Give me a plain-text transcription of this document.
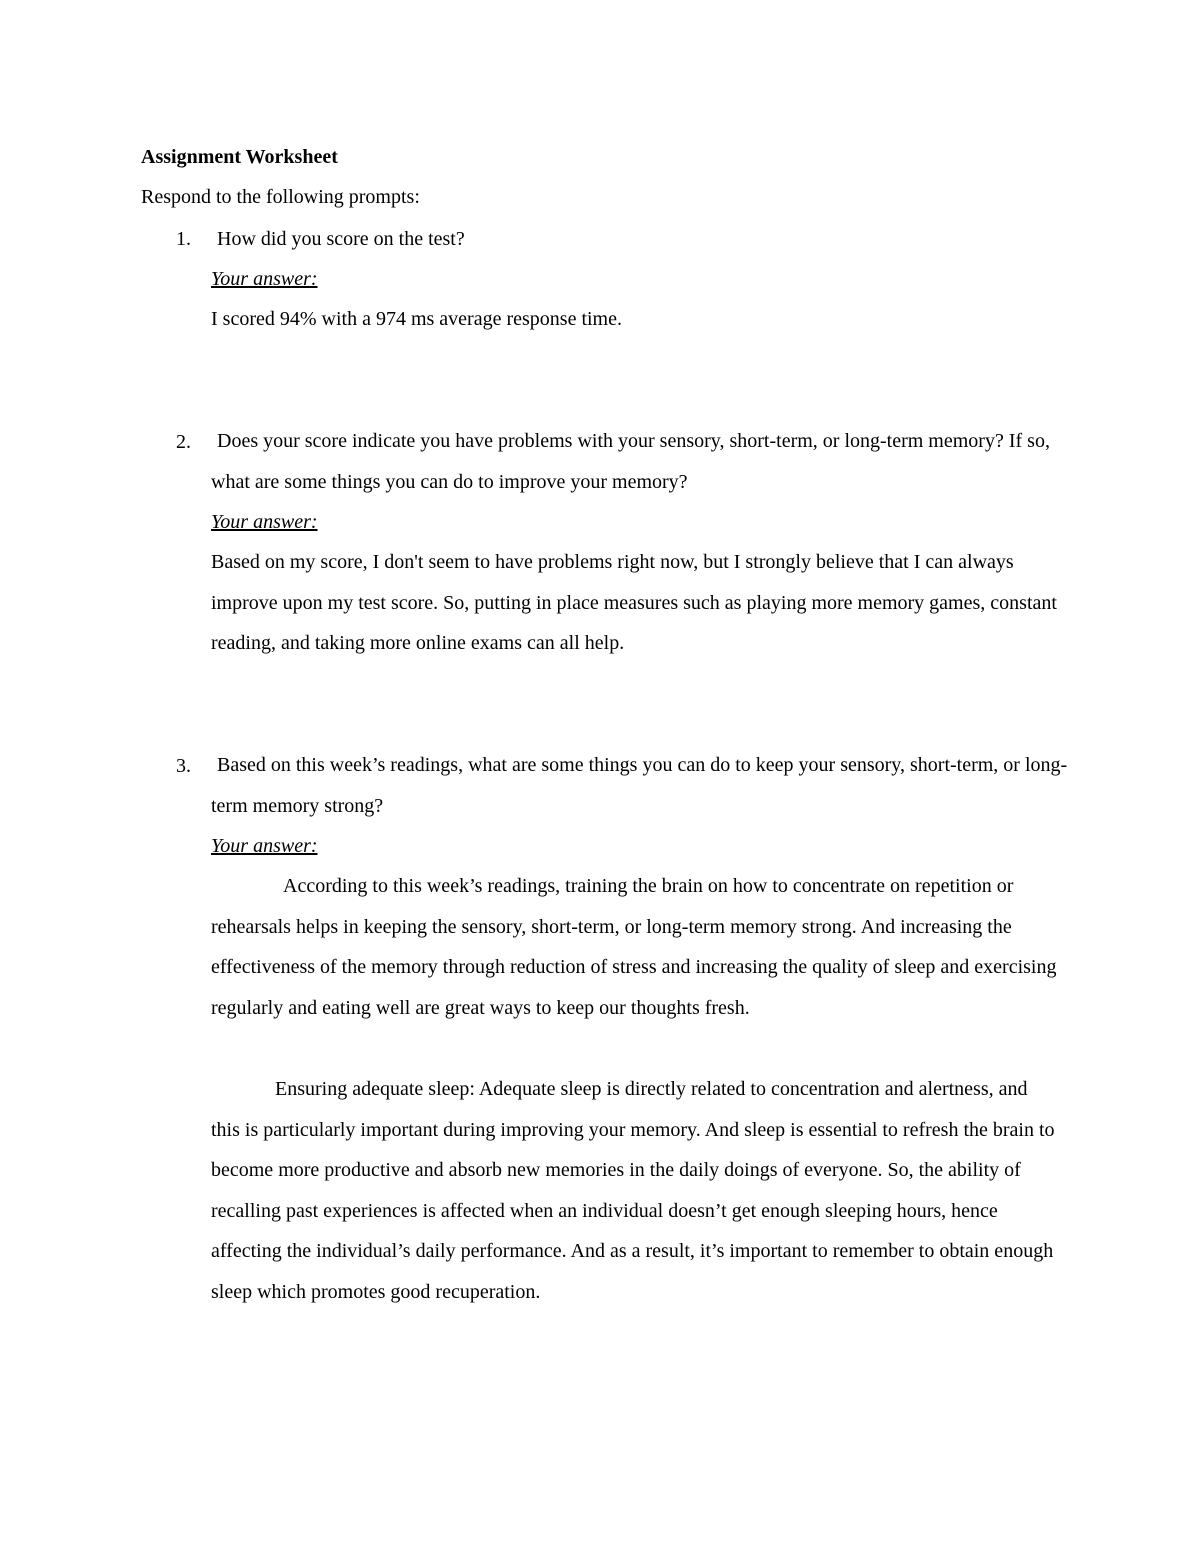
Assignment Worksheet
Respond to the following prompts:
1.	How did you score on the test?
Your answer:
I scored 94% with a 974 ms average response time.
2.	Does your score indicate you have problems with your sensory, short-term, or long-term memory? If so, what are some things you can do to improve your memory?
Your answer:
Based on my score, I don't seem to have problems right now, but I strongly believe that I can always improve upon my test score. So, putting in place measures such as playing more memory games, constant reading, and taking more online exams can all help.
3.	Based on this week’s readings, what are some things you can do to keep your sensory, short-term, or long-term memory strong?
Your answer:
According to this week’s readings, training the brain on how to concentrate on repetition or rehearsals helps in keeping the sensory, short-term, or long-term memory strong. And increasing the effectiveness of the memory through reduction of stress and increasing the quality of sleep and exercising regularly and eating well are great ways to keep our thoughts fresh.
Ensuring adequate sleep: Adequate sleep is directly related to concentration and alertness, and this is particularly important during improving your memory. And sleep is essential to refresh the brain to become more productive and absorb new memories in the daily doings of everyone. So, the ability of recalling past experiences is affected when an individual doesn’t get enough sleeping hours, hence affecting the individual’s daily performance. And as a result, it’s important to remember to obtain enough sleep which promotes good recuperation.
